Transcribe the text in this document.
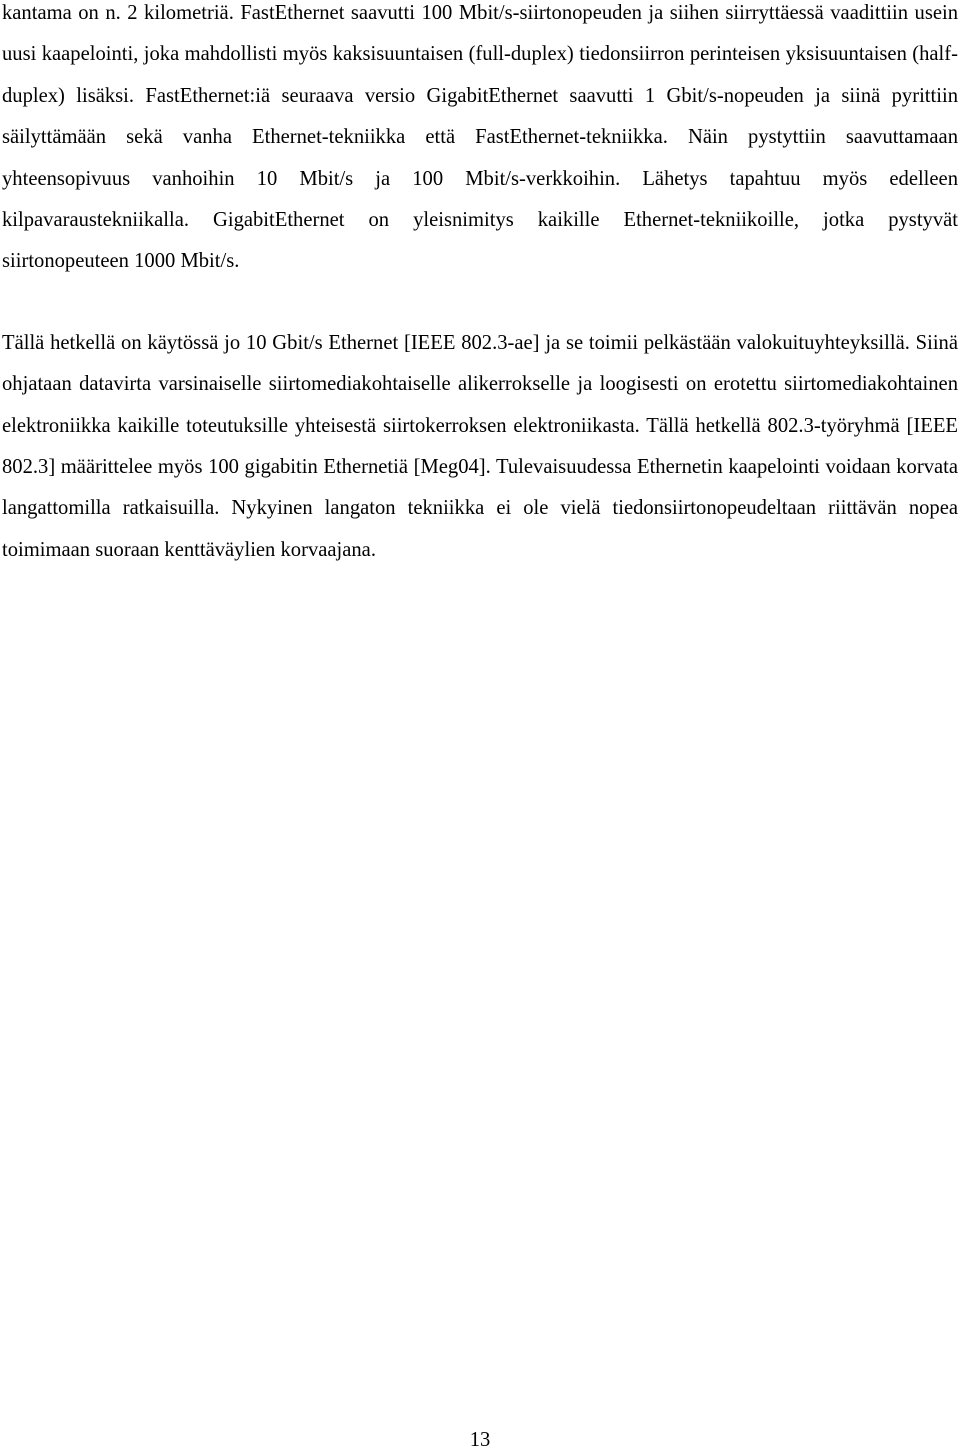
kantama on n. 2 kilometriä. FastEthernet saavutti 100 Mbit/s-siirtonopeuden ja siihen siirryttäessä vaadittiin usein uusi kaapelointi, joka mahdollisti myös kaksisuuntaisen (full-duplex) tiedonsiirron perinteisen yksisuuntaisen (half-duplex) lisäksi. FastEthernet:iä seuraava versio GigabitEthernet saavutti 1 Gbit/s-nopeuden ja siinä pyrittiin säilyttämään sekä vanha Ethernet-tekniikka että FastEthernet-tekniikka. Näin pystyttiin saavuttamaan yhteensopivuus vanhoihin 10 Mbit/s ja 100 Mbit/s-verkkoihin. Lähetys tapahtuu myös edelleen kilpavaraustekniikalla. GigabitEthernet on yleisnimitys kaikille Ethernet-tekniikoille, jotka pystyvät siirtonopeuteen 1000 Mbit/s.

Tällä hetkellä on käytössä jo 10 Gbit/s Ethernet [IEEE 802.3-ae] ja se toimii pelkästään valokuituyhteyksillä. Siinä ohjataan datavirta varsinaiselle siirtomediakohtaiselle alikerrokselle ja loogisesti on erotettu siirtomediakohtainen elektroniikka kaikille toteutuksille yhteisestä siirtokerroksen elektroniikasta. Tällä hetkellä 802.3-työryhmä [IEEE 802.3] määrittelee myös 100 gigabitin Ethernetiä [Meg04]. Tulevaisuudessa Ethernetin kaapelointi voidaan korvata langattomilla ratkaisuilla. Nykyinen langaton tekniikka ei ole vielä tiedonsiirtonopeudeltaan riittävän nopea toimimaan suoraan kenttäväylien korvaajana.

13
